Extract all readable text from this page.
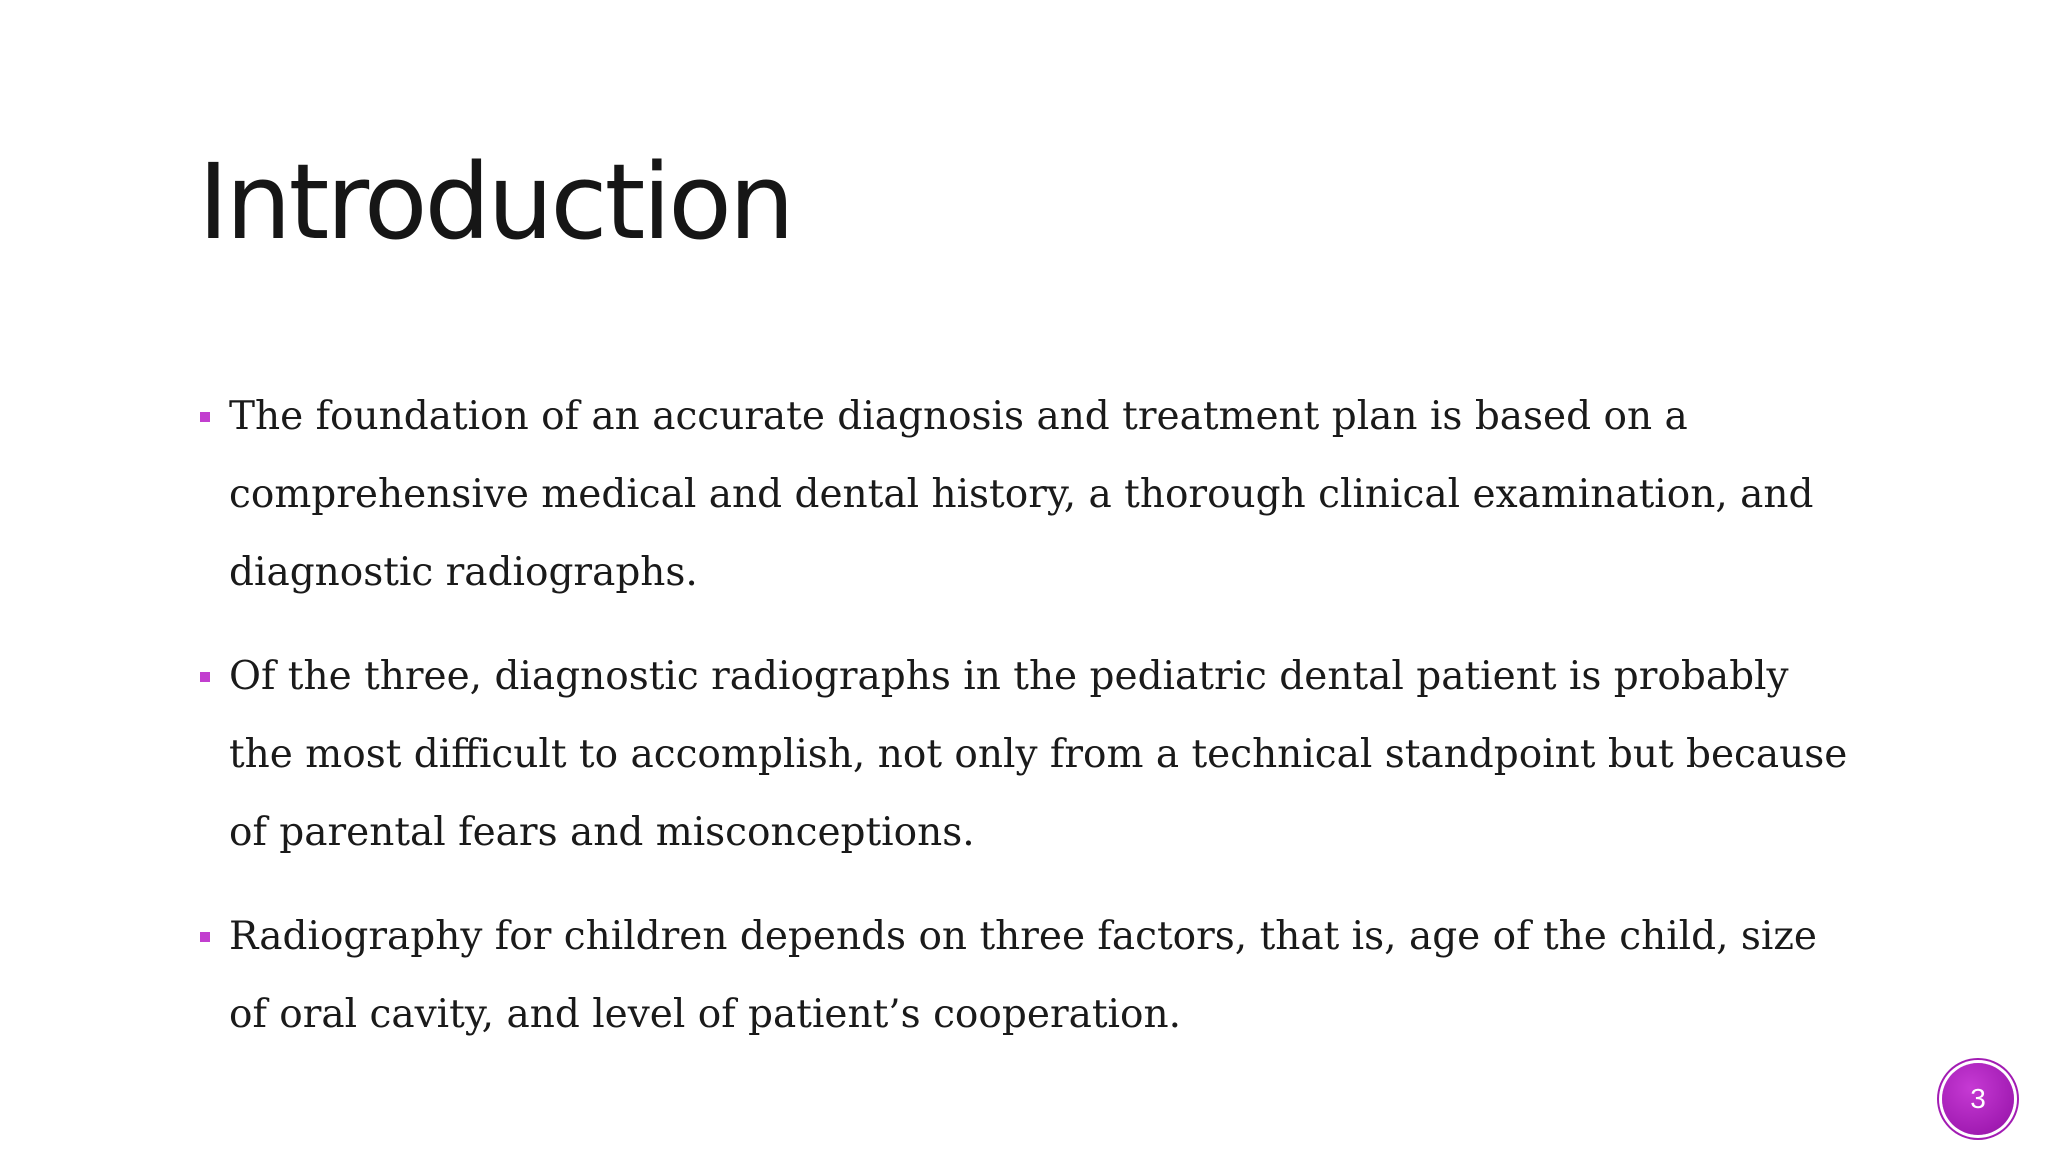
Introduction
The foundation of an accurate diagnosis and treatment plan is based on a comprehensive medical and dental history, a thorough clinical examination, and diagnostic radiographs.
Of the three, diagnostic radiographs in the pediatric dental patient is probably the most difficult to accomplish, not only from a technical standpoint but because of parental fears and misconceptions.
Radiography for children depends on three factors, that is, age of the child, size of oral cavity, and level of patient’s cooperation.
3
